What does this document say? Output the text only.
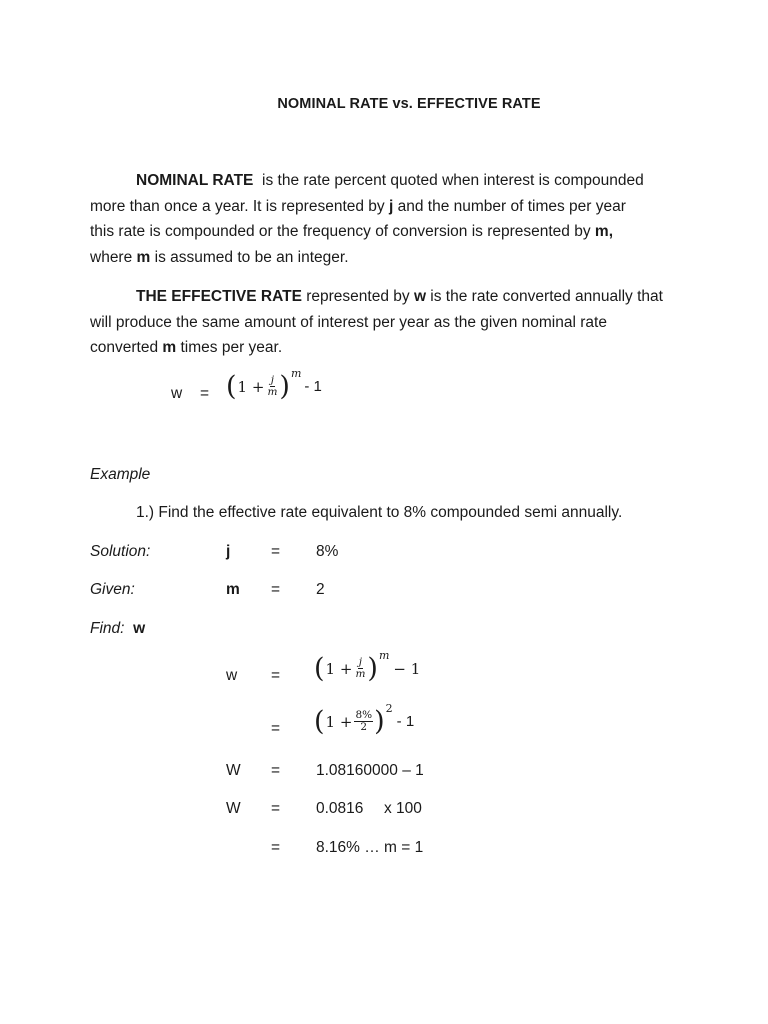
NOMINAL RATE vs. EFFECTIVE RATE
NOMINAL RATE  is the rate percent quoted when interest is compounded
more than once a year. It is represented by j and the number of times per year
this rate is compounded or the frequency of conversion is represented by m,
where m is assumed to be an integer.
THE EFFECTIVE RATE represented by w is the rate converted annually that
will produce the same amount of interest per year as the given nominal rate
converted m times per year.
w = ( $1 + \frac{j}{m}$ ) m
- 1
Example
1.) Find the effective rate equivalent to 8% compounded semi annually.
Solution:	j	= 8%
Given:	m = 2
Find: w
w = ( $1 + \frac{j}{m}$ ) m
− 1
= ( $1 + \frac{8\%}{2}$ ) 2
- 1
W = 1.08160000 – 1
W = 0.0816 x 100
= 8.16% … m = 1
